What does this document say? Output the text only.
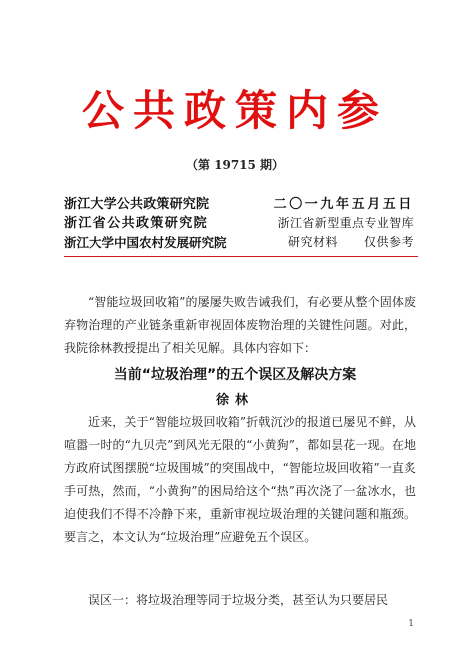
公共政策内参
（第 19715 期）
浙江大学公共政策研究院	二〇一九年五月五日
浙江省公共政策研究院	浙江省新型重点专业智库
浙江大学中国农村发展研究院	研究材料 仅供参考
“智能垃圾回收箱”的屡屡失败告诫我们，有必要从整个固体废弃物治理的产业链条重新审视固体废物治理的关键性问题。对此，我院徐林教授提出了相关见解。具体内容如下：
当前“垃圾治理”的五个误区及解决方案
徐林
近来，关于“智能垃圾回收箱”折戟沉沙的报道已屡见不鲜，从喧嚣一时的“九贝壳”到风光无限的“小黄狗”，都如昙花一现。在地方政府试图摆脱“垃圾围城”的突围战中，“智能垃圾回收箱”一直炙手可热，然而，“小黄狗”的困局给这个“热”再次浇了一盆冰水，也迫使我们不得不冷静下来，重新审视垃圾治理的关键问题和瓶颈。要言之，本文认为“垃圾治理”应避免五个误区。
误区一：将垃圾治理等同于垃圾分类，甚至认为只要居民
1
